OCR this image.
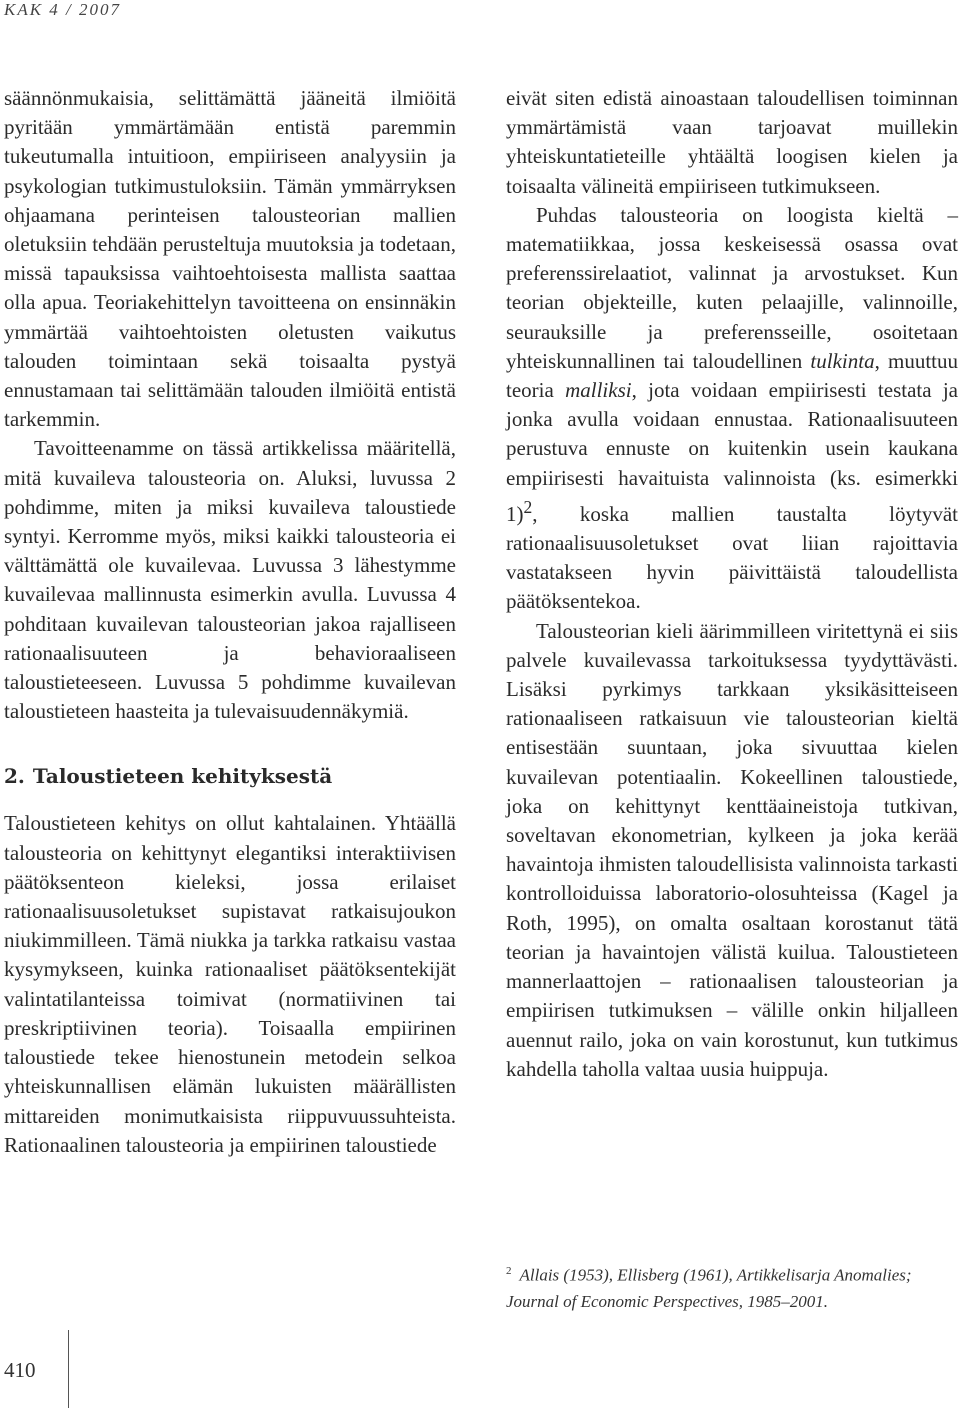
KAK 4 / 2007

säännönmukaisia, selittämättä jääneitä ilmiöitä pyritään ymmärtämään entistä paremmin tukeutumalla intuitioon, empiiriseen analyysiin ja psykologian tutkimustuloksiin. Tämän ymmärryksen ohjaamana perinteisen talousteorian mallien oletuksiin tehdään perusteltuja muutoksia ja todetaan, missä tapauksissa vaihtoehtoisesta mallista saattaa olla apua. Teoriakehittelyn tavoitteena on ensinnäkin ymmärtää vaihtoehtoisten oletusten vaikutus talouden toimintaan sekä toisaalta pystyä ennustamaan tai selittämään talouden ilmiöitä entistä tarkemmin.

Tavoitteenamme on tässä artikkelissa määritellä, mitä kuvaileva talousteoria on. Aluksi, luvussa 2 pohdimme, miten ja miksi kuvaileva taloustiede syntyi. Kerromme myös, miksi kaikki talousteoria ei välttämättä ole kuvailevaa. Luvussa 3 lähestymme kuvailevaa mallinnusta esimerkin avulla. Luvussa 4 pohditaan kuvailevan talousteorian jakoa rajalliseen rationaalisuuteen ja behavioraaliseen taloustieteeseen. Luvussa 5 pohdimme kuvailevan taloustieteen haasteita ja tulevaisuudennäkymiä.

2. Taloustieteen kehityksestä

Taloustieteen kehitys on ollut kahtalainen. Yhtäällä talousteoria on kehittynyt elegantiksi interaktiivisen päätöksenteon kieleksi, jossa erilaiset rationaalisuusoletukset supistavat ratkaisujoukon niukimmilleen. Tämä niukka ja tarkka ratkaisu vastaa kysymykseen, kuinka rationaaliset päätöksentekijät valintatilanteissa toimivat (normatiivinen tai preskriptiivinen teoria). Toisaalla empiirinen taloustiede tekee hienostunein metodein selkoa yhteiskunnallisen elämän lukuisten määrällisten mittareiden monimutkaisista riippuvuussuhteista. Rationaalinen talousteoria ja empiirinen taloustiede

eivät siten edistä ainoastaan taloudellisen toiminnan ymmärtämistä vaan tarjoavat muillekin yhteiskuntatieteille yhtäältä loogisen kielen ja toisaalta välineitä empiiriseen tutkimukseen.

Puhdas talousteoria on loogista kieltä – matematiikkaa, jossa keskeisessä osassa ovat preferenssirelaatiot, valinnat ja arvostukset. Kun teorian objekteille, kuten pelaajille, valinnoille, seurauksille ja preferensseille, osoitetaan yhteiskunnallinen tai taloudellinen tulkinta, muuttuu teoria malliksi, jota voidaan empiirisesti testata ja jonka avulla voidaan ennustaa. Rationaalisuuteen perustuva ennuste on kuitenkin usein kaukana empiirisesti havaituista valinnoista (ks. esimerkki 1)$^2$, koska mallien taustalta löytyvät rationaalisuusoletukset ovat liian rajoittavia vastatakseen hyvin päivittäistä taloudellista päätöksentekoa.

Talousteorian kieli äärimmilleen viritettynä ei siis palvele kuvailevassa tarkoituksessa tyydyttävästi. Lisäksi pyrkimys tarkkaan yksikäsitteiseen rationaaliseen ratkaisuun vie talousteorian kieltä entisestään suuntaan, joka sivuuttaa kielen kuvailevan potentiaalin. Kokeellinen taloustiede, joka on kehittynyt kenttäaineistoja tutkivan, soveltavan ekonometrian, kylkeen ja joka kerää havaintoja ihmisten taloudellisista valinnoista tarkasti kontrolloiduissa laboratorio-olosuhteissa (Kagel ja Roth, 1995), on omalta osaltaan korostanut tätä teorian ja havaintojen välistä kuilua. Taloustieteen mannerlaattojen – rationaalisen talousteorian ja empiirisen tutkimuksen – välille onkin hiljalleen auennut railo, joka on vain korostunut, kun tutkimus kahdella taholla valtaa uusia huippuja.

$^2$ Allais (1953), Ellisberg (1961), Artikkelisarja Anomalies; Journal of Economic Perspectives, 1985–2001.
410
